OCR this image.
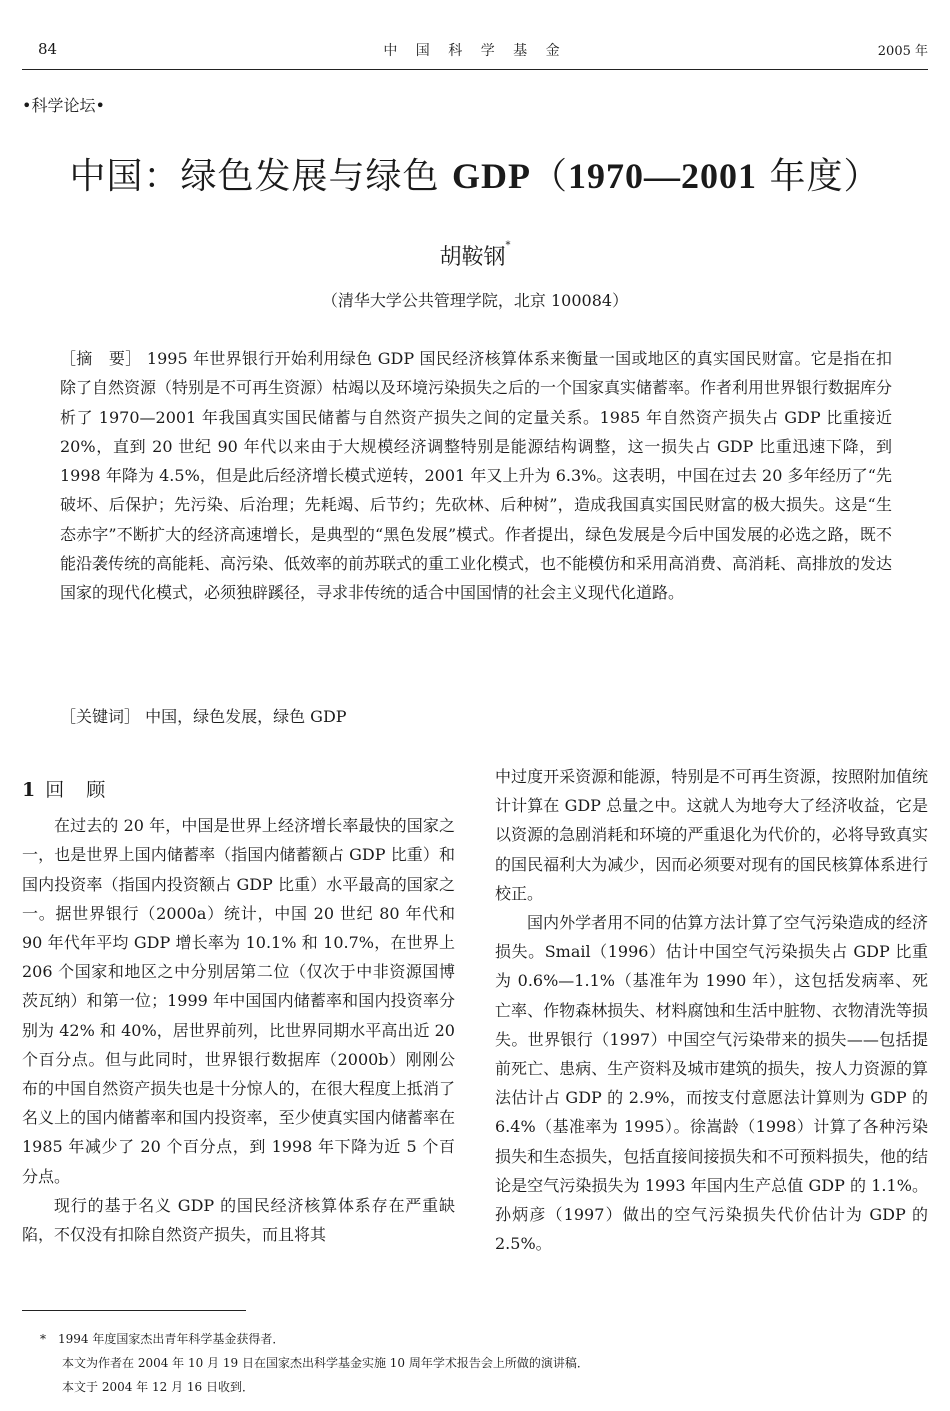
84	中 国 科 学 基 金	2005 年
•科学论坛•
中国：绿色发展与绿色 GDP（1970—2001 年度）
胡鞍钢*
（清华大学公共管理学院，北京 100084）

［摘　要］ 1995 年世界银行开始利用绿色 GDP 国民经济核算体系来衡量一国或地区的真实国民财富。它是指在扣除了自然资源（特别是不可再生资源）枯竭以及环境污染损失之后的一个国家真实储蓄率。作者利用世界银行数据库分析了 1970—2001 年我国真实国民储蓄与自然资产损失之间的定量关系。1985 年自然资产损失占 GDP 比重接近 20%，直到 20 世纪 90 年代以来由于大规模经济调整特别是能源结构调整，这一损失占 GDP 比重迅速下降，到 1998 年降为 4.5%，但是此后经济增长模式逆转，2001 年又上升为 6.3%。这表明，中国在过去 20 多年经历了“先破坏、后保护；先污染、后治理；先耗竭、后节约；先砍林、后种树”，造成我国真实国民财富的极大损失。这是“生态赤字”不断扩大的经济高速增长，是典型的“黑色发展”模式。作者提出，绿色发展是今后中国发展的必选之路，既不能沿袭传统的高能耗、高污染、低效率的前苏联式的重工业化模式，也不能模仿和采用高消费、高消耗、高排放的发达国家的现代化模式，必须独辟蹊径，寻求非传统的适合中国国情的社会主义现代化道路。

［关键词］ 中国，绿色发展，绿色 GDP
1 回 顾

在过去的 20 年，中国是世界上经济增长率最快的国家之一，也是世界上国内储蓄率（指国内储蓄额占 GDP 比重）和国内投资率（指国内投资额占 GDP 比重）水平最高的国家之一。据世界银行（2000a）统计，中国 20 世纪 80 年代和 90 年代年平均 GDP 增长率为 10.1% 和 10.7%，在世界上 206 个国家和地区之中分别居第二位（仅次于中非资源国博茨瓦纳）和第一位；1999 年中国国内储蓄率和国内投资率分别为 42% 和 40%，居世界前列，比世界同期水平高出近 20 个百分点。但与此同时，世界银行数据库（2000b）刚刚公布的中国自然资产损失也是十分惊人的，在很大程度上抵消了名义上的国内储蓄率和国内投资率，至少使真实国内储蓄率在 1985 年减少了 20 个百分点，到 1998 年下降为近 5 个百分点。

现行的基于名义 GDP 的国民经济核算体系存在严重缺陷，不仅没有扣除自然资产损失，而且将其

中过度开采资源和能源，特别是不可再生资源，按照附加值统计计算在 GDP 总量之中。这就人为地夸大了经济收益，它是以资源的急剧消耗和环境的严重退化为代价的，必将导致真实的国民福利大为减少，因而必须要对现有的国民核算体系进行校正。

国内外学者用不同的估算方法计算了空气污染造成的经济损失。Smail（1996）估计中国空气污染损失占 GDP 比重为 0.6%—1.1%（基准年为 1990 年），这包括发病率、死亡率、作物森林损失、材料腐蚀和生活中脏物、衣物清洗等损失。世界银行（1997）中国空气污染带来的损失——包括提前死亡、患病、生产资料及城市建筑的损失，按人力资源的算法估计占 GDP 的 2.9%，而按支付意愿法计算则为 GDP 的 6.4%（基准率为 1995）。徐嵩龄（1998）计算了各种污染损失和生态损失，包括直接间接损失和不可预料损失，他的结论是空气污染损失为 1993 年国内生产总值 GDP 的 1.1%。孙炳彦（1997）做出的空气污染损失代价估计为 GDP 的 2.5%。

*　1994 年度国家杰出青年科学基金获得者．
本文为作者在 2004 年 10 月 19 日在国家杰出科学基金实施 10 周年学术报告会上所做的演讲稿．
本文于 2004 年 12 月 16 日收到．
